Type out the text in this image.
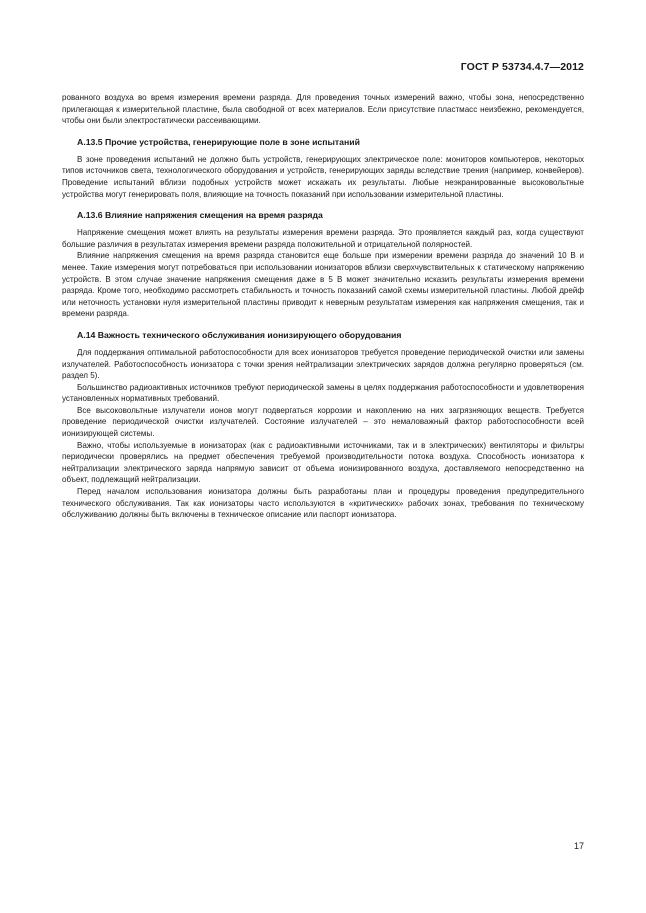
ГОСТ Р 53734.4.7—2012

рованного воздуха во время измерения времени разряда. Для проведения точных измерений важно, чтобы зона, непосредственно прилегающая к измерительной пластине, была свободной от всех материалов. Если присутствие пластмасс неизбежно, рекомендуется, чтобы они были электростатически рассеивающими.

А.13.5 Прочие устройства, генерирующие поле в зоне испытаний

В зоне проведения испытаний не должно быть устройств, генерирующих электрическое поле: мониторов компьютеров, некоторых типов источников света, технологического оборудования и устройств, генерирующих заряды вследствие трения (например, конвейеров). Проведение испытаний вблизи подобных устройств может искажать их результаты. Любые неэкранированные высоковольтные устройства могут генерировать поля, влияющие на точность показаний при использовании измерительной пластины.

А.13.6 Влияние напряжения смещения на время разряда

Напряжение смещения может влиять на результаты измерения времени разряда. Это проявляется каждый раз, когда существуют большие различия в результатах измерения времени разряда положительной и отрицательной полярностей.

Влияние напряжения смещения на время разряда становится еще больше при измерении времени разряда до значений 10 В и менее. Такие измерения могут потребоваться при использовании ионизаторов вблизи сверхчувствительных к статическому напряжению устройств. В этом случае значение напряжения смещения даже в 5 В может значительно исказить результаты измерения времени разряда. Кроме того, необходимо рассмотреть стабильность и точность показаний самой схемы измерительной пластины. Любой дрейф или неточность установки нуля измерительной пластины приводит к неверным результатам измерения как напряжения смещения, так и времени разряда.

А.14 Важность технического обслуживания ионизирующего оборудования

Для поддержания оптимальной работоспособности для всех ионизаторов требуется проведение периодической очистки или замены излучателей. Работоспособность ионизатора с точки зрения нейтрализации электрических зарядов должна регулярно проверяться (см. раздел 5).

Большинство радиоактивных источников требуют периодической замены в целях поддержания работоспособности и удовлетворения установленных нормативных требований.

Все высоковольтные излучатели ионов могут подвергаться коррозии и накоплению на них загрязняющих веществ. Требуется проведение периодической очистки излучателей. Состояние излучателей – это немаловажный фактор работоспособности всей ионизирующей системы.

Важно, чтобы используемые в ионизаторах (как с радиоактивными источниками, так и в электрических) вентиляторы и фильтры периодически проверялись на предмет обеспечения требуемой производительности потока воздуха. Способность ионизатора к нейтрализации электрического заряда напрямую зависит от объема ионизированного воздуха, доставляемого непосредственно на объект, подлежащий нейтрализации.

Перед началом использования ионизатора должны быть разработаны план и процедуры проведения предупредительного технического обслуживания. Так как ионизаторы часто используются в «критических» рабочих зонах, требования по техническому обслуживанию должны быть включены в техническое описание или паспорт ионизатора.

17
